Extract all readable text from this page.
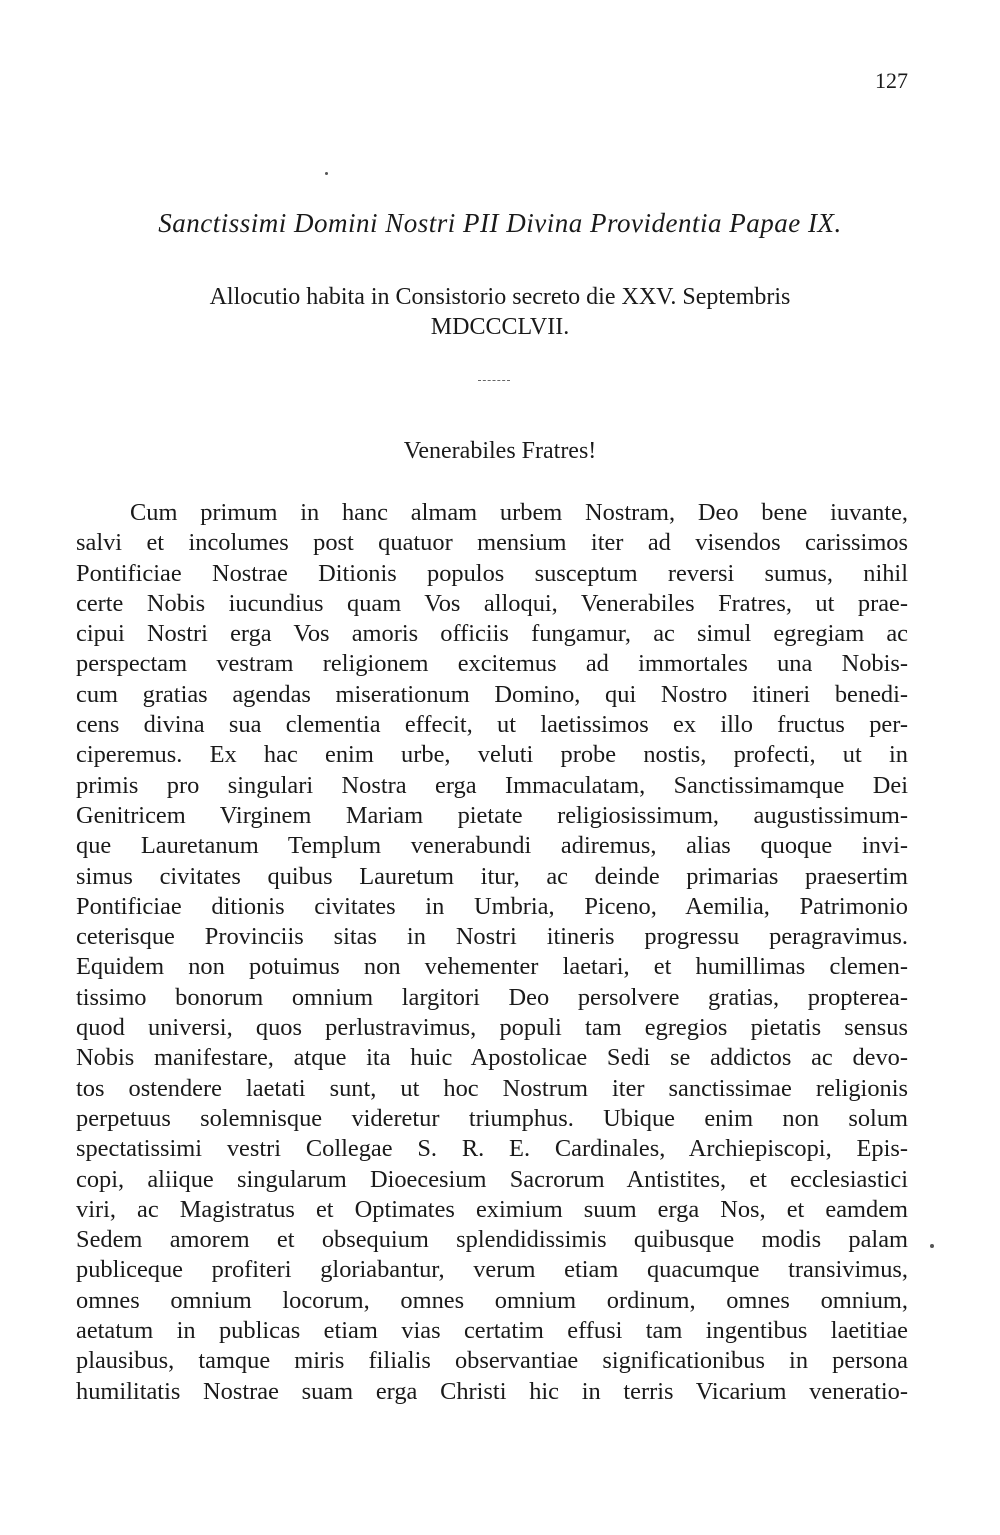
127
Sanctissimi Domini Nostri PII Divina Providentia Papae IX.
Allocutio habita in Consistorio secreto die XXV. Septembris
MDCCCLVII.
Venerabiles Fratres!
Cum primum in hanc almam urbem Nostram, Deo bene iuvante,
salvi et incolumes post quatuor mensium iter ad visendos carissimos
Pontificiae Nostrae Ditionis populos susceptum reversi sumus, nihil
certe Nobis iucundius quam Vos alloqui, Venerabiles Fratres, ut prae-
cipui Nostri erga Vos amoris officiis fungamur, ac simul egregiam ac
perspectam vestram religionem excitemus ad immortales una Nobis-
cum gratias agendas miserationum Domino, qui Nostro itineri benedi-
cens divina sua clementia effecit, ut laetissimos ex illo fructus per-
ciperemus. Ex hac enim urbe, veluti probe nostis, profecti, ut in
primis pro singulari Nostra erga Immaculatam, Sanctissimamque Dei
Genitricem Virginem Mariam pietate religiosissimum, augustissimum-
que Lauretanum Templum venerabundi adiremus, alias quoque invi-
simus civitates quibus Lauretum itur, ac deinde primarias praesertim
Pontificiae ditionis civitates in Umbria, Piceno, Aemilia, Patrimonio
ceterisque Provinciis sitas in Nostri itineris progressu peragravimus.
Equidem non potuimus non vehementer laetari, et humillimas clemen-
tissimo bonorum omnium largitori Deo persolvere gratias, propterea-
quod universi, quos perlustravimus, populi tam egregios pietatis sensus
Nobis manifestare, atque ita huic Apostolicae Sedi se addictos ac devo-
tos ostendere laetati sunt, ut hoc Nostrum iter sanctissimae religionis
perpetuus solemnisque videretur triumphus. Ubique enim non solum
spectatissimi vestri Collegae S. R. E. Cardinales, Archiepiscopi, Epis-
copi, aliique singularum Dioecesium Sacrorum Antistites, et ecclesiastici
viri, ac Magistratus et Optimates eximium suum erga Nos, et eamdem
Sedem amorem et obsequium splendidissimis quibusque modis palam
publiceque profiteri gloriabantur, verum etiam quacumque transivimus,
omnes omnium locorum, omnes omnium ordinum, omnes omnium,
aetatum in publicas etiam vias certatim effusi tam ingentibus laetitiae
plausibus, tamque miris filialis observantiae significationibus in persona
humilitatis Nostrae suam erga Christi hic in terris Vicarium veneratio-
